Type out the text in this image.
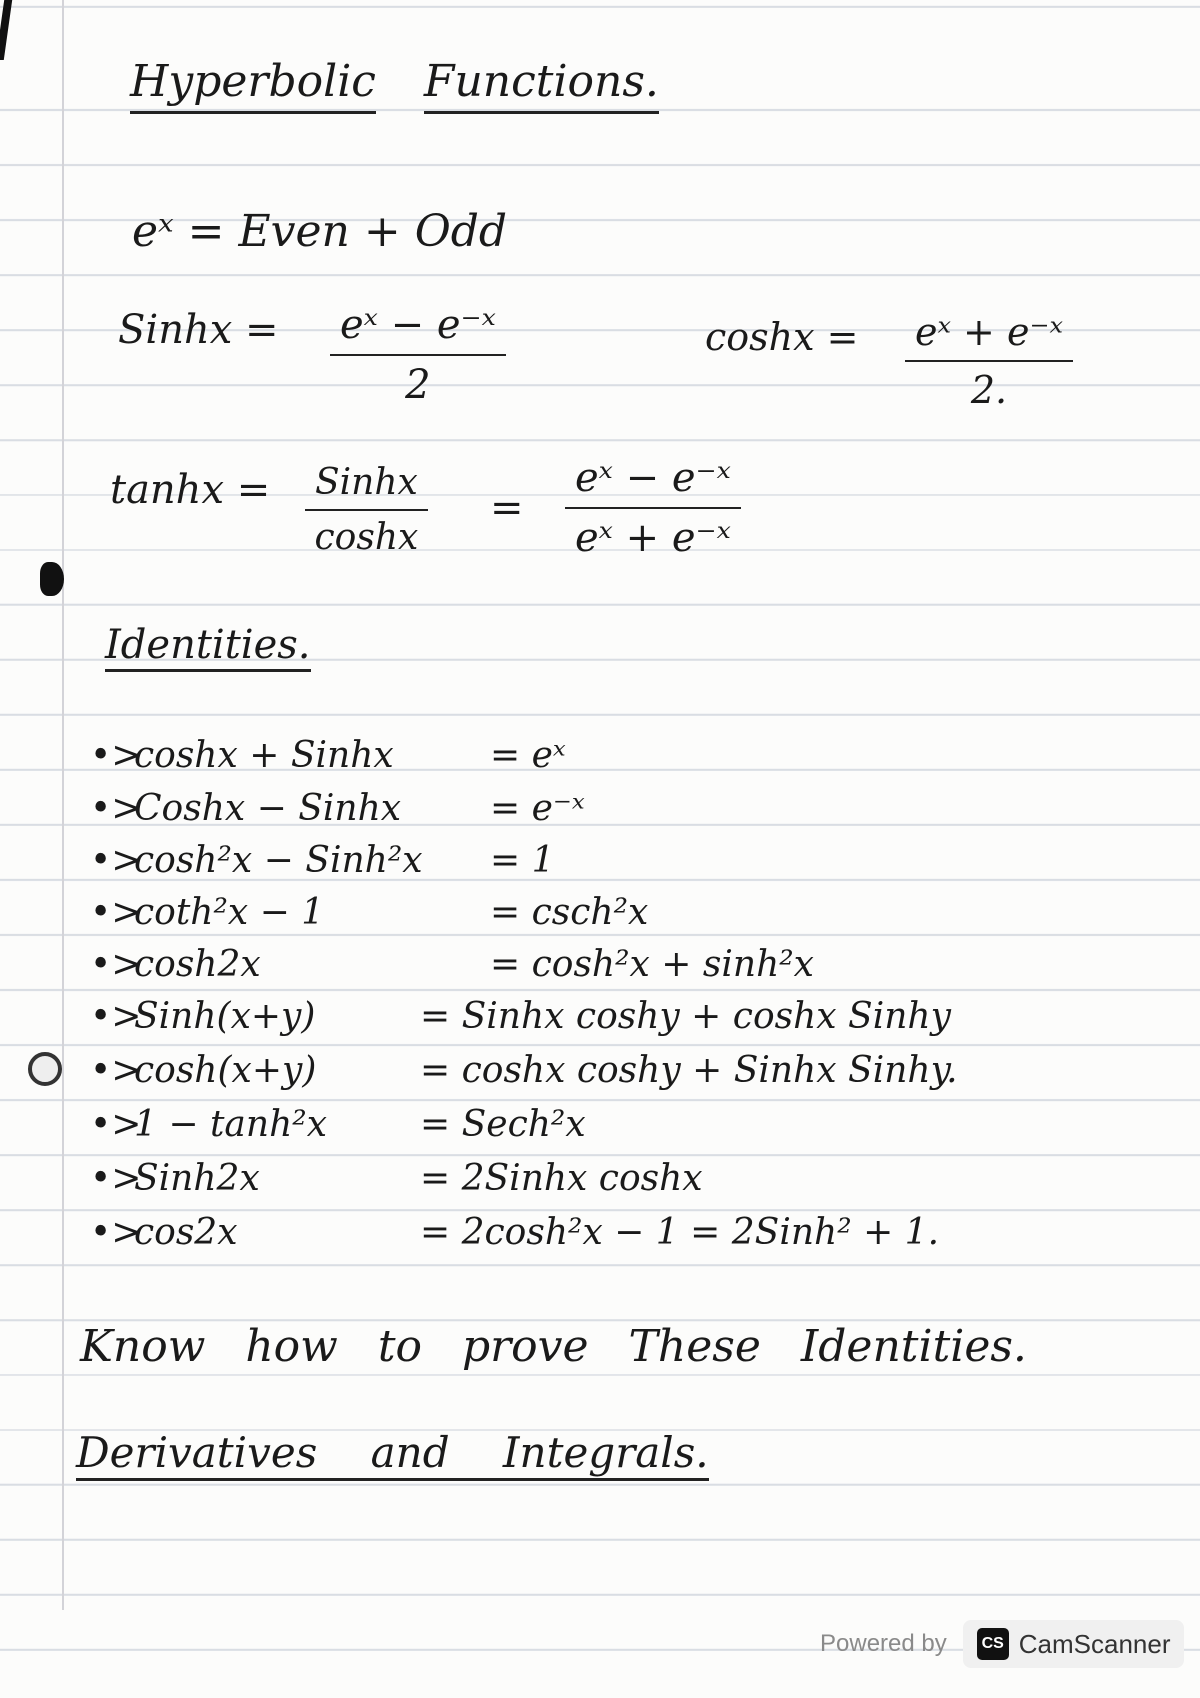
Hyperbolic Functions.
eˣ = Even + Odd
Sinhx = $\frac{\text{eˣ − e⁻ˣ}}{2}$	$\cosh x = \frac{\text{eˣ + e⁻ˣ}}{2.}$
tanhx = Sinhx
coshx
= $\frac{\text{eˣ − e⁻ˣ}}{\text{eˣ + e⁻ˣ}}$
Identities.
•>coshx + Sinhx	= eˣ
•>Coshx − Sinhx = e⁻ˣ
•>cosh²x − Sinh²x = 1
•>coth²x − 1	= csch²x
•>cosh2x	= cosh²x + sinh²x
•>Sinh(x+y)	= Sinhx coshy + coshx Sinhy
•>cosh(x+y)	= coshx coshy + Sinhx Sinhy.
•>1 − tanh²x	= Sech²x
•>Sinh2x	= 2Sinhx coshx
•>cos2x	= 2cosh²x − 1 = 2Sinh² + 1.
Know how to prove These Identities.
Derivatives and Integrals.
Powered by	CS CamScanner
